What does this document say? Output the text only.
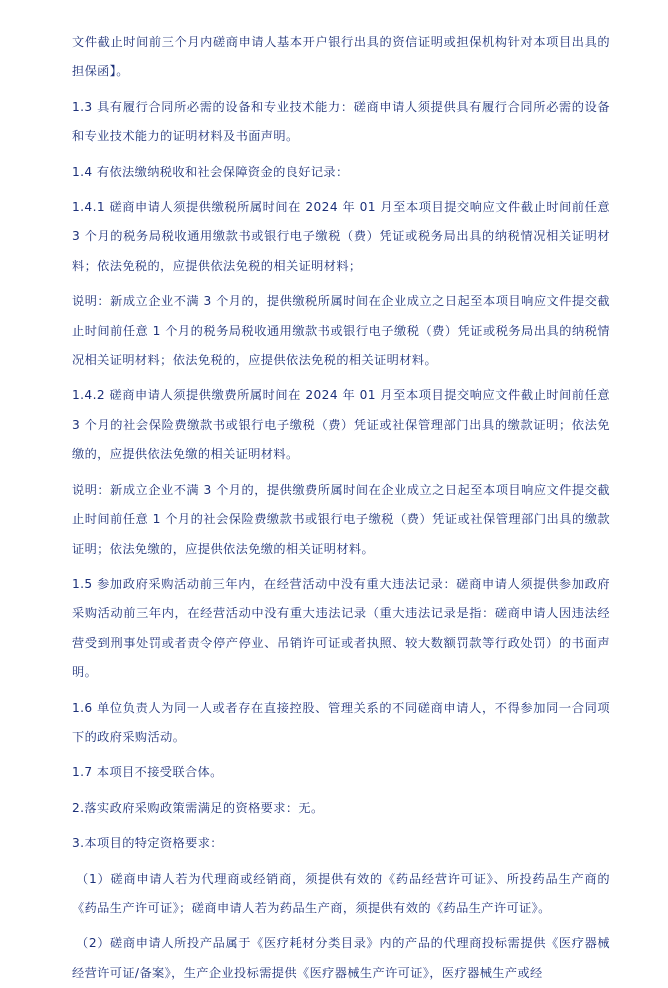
文件截止时间前三个月内磋商申请人基本开户银行出具的资信证明或担保机构针对本项目出具的担保函】。

1.3 具有履行合同所必需的设备和专业技术能力：磋商申请人须提供具有履行合同所必需的设备和专业技术能力的证明材料及书面声明。

1.4 有依法缴纳税收和社会保障资金的良好记录：

1.4.1 磋商申请人须提供缴税所属时间在 2024 年 01 月至本项目提交响应文件截止时间前任意 3 个月的税务局税收通用缴款书或银行电子缴税（费）凭证或税务局出具的纳税情况相关证明材料；依法免税的，应提供依法免税的相关证明材料；

说明：新成立企业不满 3 个月的，提供缴税所属时间在企业成立之日起至本项目响应文件提交截止时间前任意 1 个月的税务局税收通用缴款书或银行电子缴税（费）凭证或税务局出具的纳税情况相关证明材料；依法免税的，应提供依法免税的相关证明材料。

1.4.2 磋商申请人须提供缴费所属时间在 2024 年 01 月至本项目提交响应文件截止时间前任意 3 个月的社会保险费缴款书或银行电子缴税（费）凭证或社保管理部门出具的缴款证明；依法免缴的，应提供依法免缴的相关证明材料。

说明：新成立企业不满 3 个月的，提供缴费所属时间在企业成立之日起至本项目响应文件提交截止时间前任意 1 个月的社会保险费缴款书或银行电子缴税（费）凭证或社保管理部门出具的缴款证明；依法免缴的，应提供依法免缴的相关证明材料。

1.5 参加政府采购活动前三年内，在经营活动中没有重大违法记录：磋商申请人须提供参加政府采购活动前三年内，在经营活动中没有重大违法记录（重大违法记录是指：磋商申请人因违法经营受到刑事处罚或者责令停产停业、吊销许可证或者执照、较大数额罚款等行政处罚）的书面声明。

1.6 单位负责人为同一人或者存在直接控股、管理关系的不同磋商申请人，不得参加同一合同项下的政府采购活动。

1.7 本项目不接受联合体。

2.落实政府采购政策需满足的资格要求：无。

3.本项目的特定资格要求：

（1）磋商申请人若为代理商或经销商，须提供有效的《药品经营许可证》、所投药品生产商的《药品生产许可证》；磋商申请人若为药品生产商，须提供有效的《药品生产许可证》。

（2）磋商申请人所投产品属于《医疗耗材分类目录》内的产品的代理商投标需提供《医疗器械经营许可证/备案》，生产企业投标需提供《医疗器械生产许可证》，医疗器械生产或经
